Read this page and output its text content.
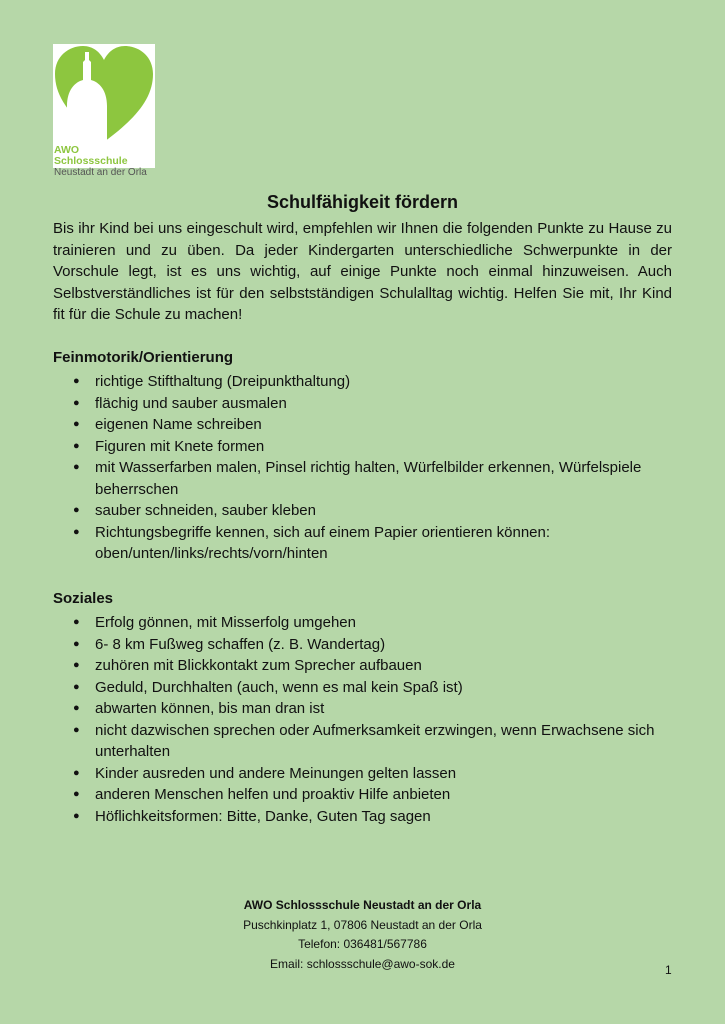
AWO Schlossschule
Neustadt an der Orla
Schulfähigkeit fördern

Bis ihr Kind bei uns eingeschult wird, empfehlen wir Ihnen die folgenden Punkte zu Hause zu trainieren und zu üben. Da jeder Kindergarten unterschiedliche Schwerpunkte in der Vorschule legt, ist es uns wichtig, auf einige Punkte noch einmal hinzuweisen. Auch Selbstverständliches ist für den selbstständigen Schulalltag wichtig. Helfen Sie mit, Ihr Kind fit für die Schule zu machen!

Feinmotorik/Orientierung
● richtige Stifthaltung (Dreipunkthaltung)
● flächig und sauber ausmalen
● eigenen Name schreiben
● Figuren mit Knete formen
● mit Wasserfarben malen, Pinsel richtig halten, Würfelbilder erkennen, Würfelspiele beherrschen
● sauber schneiden, sauber kleben
● Richtungsbegriffe kennen, sich auf einem Papier orientieren können: oben/unten/links/rechts/vorn/hinten
Soziales
● Erfolg gönnen, mit Misserfolg umgehen
● 6- 8 km Fußweg schaffen (z. B. Wandertag)
● zuhören mit Blickkontakt zum Sprecher aufbauen
● Geduld, Durchhalten (auch, wenn es mal kein Spaß ist)
● abwarten können, bis man dran ist
● nicht dazwischen sprechen oder Aufmerksamkeit erzwingen, wenn Erwachsene sich unterhalten
● Kinder ausreden und andere Meinungen gelten lassen
● anderen Menschen helfen und proaktiv Hilfe anbieten
● Höflichkeitsformen: Bitte, Danke, Guten Tag sagen
AWO Schlossschule Neustadt an der Orla
Puschkinplatz 1, 07806 Neustadt an der Orla
Telefon: 036481/567786
Email: schlossschule@awo-sok.de	1
